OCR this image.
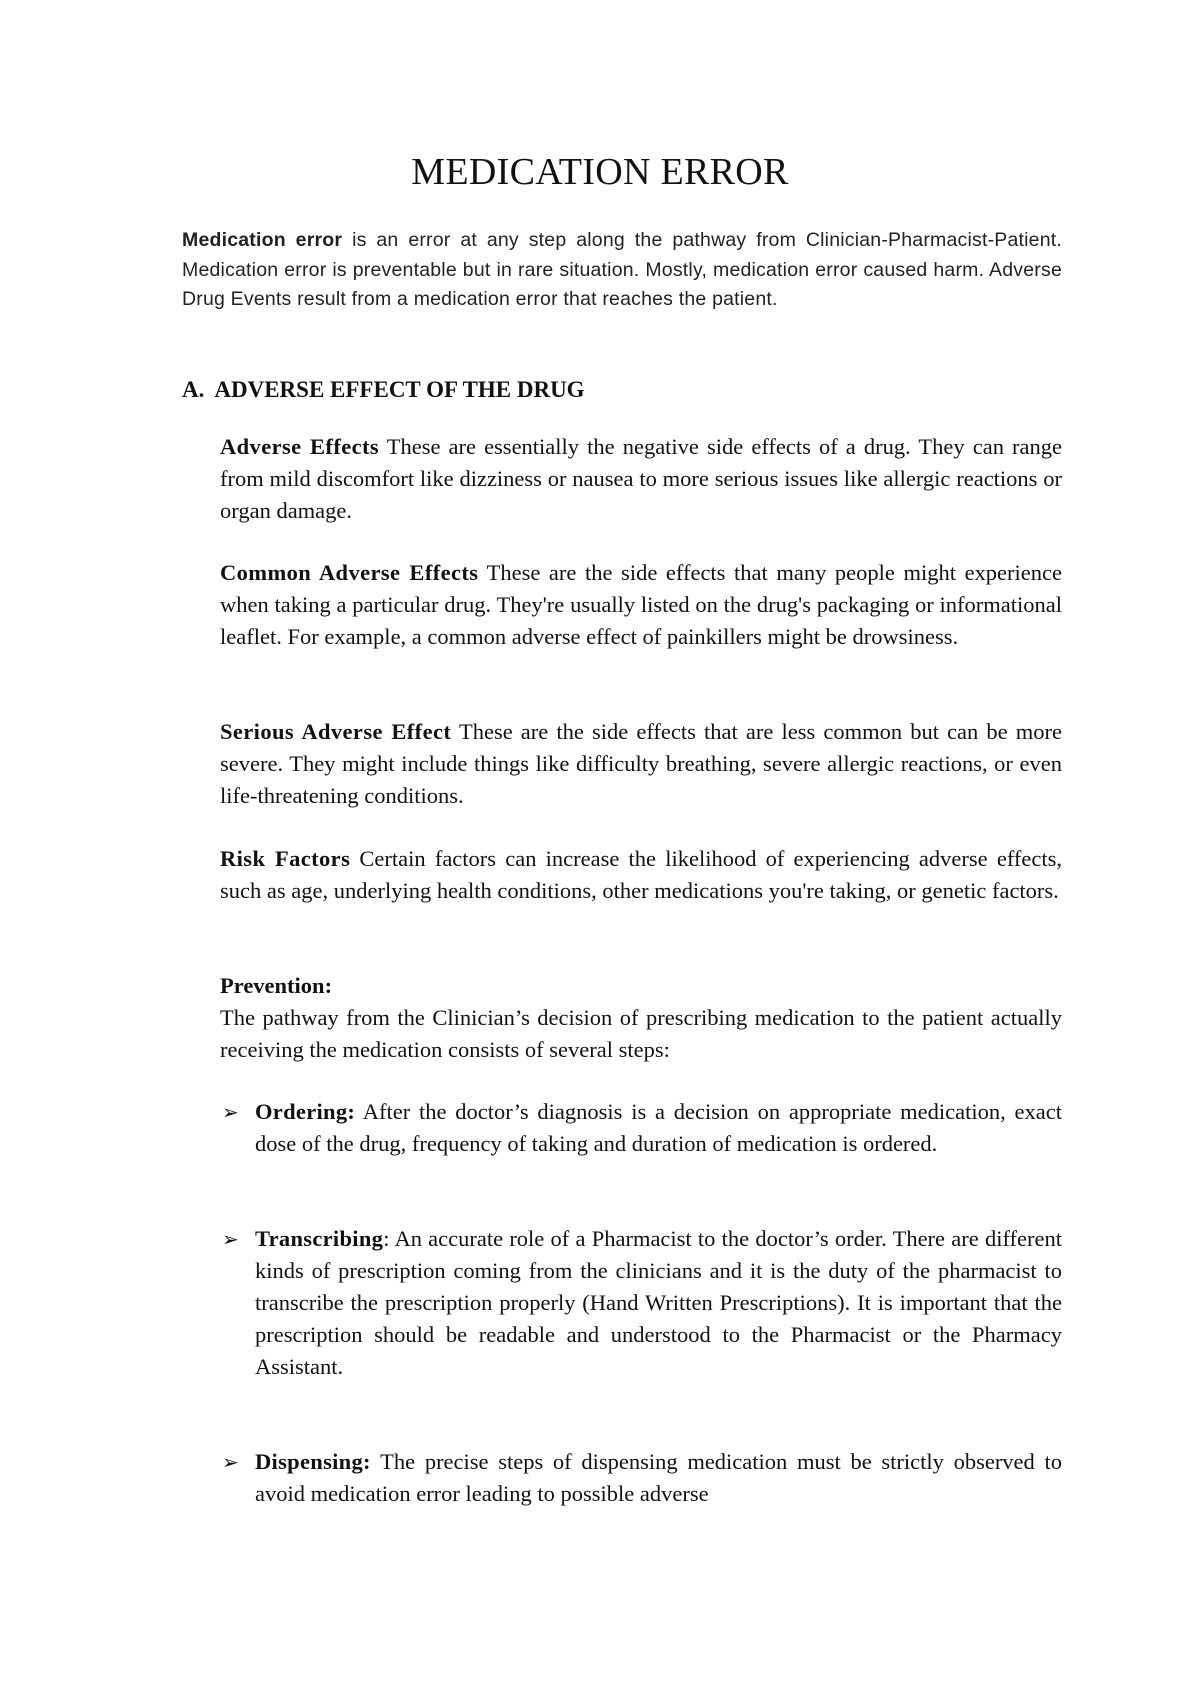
MEDICATION ERROR
Medication error is an error at any step along the pathway from Clinician-Pharmacist-Patient. Medication error is preventable but in rare situation. Mostly, medication error caused harm. Adverse Drug Events result from a medication error that reaches the patient.
A. ADVERSE EFFECT OF THE DRUG
Adverse Effects These are essentially the negative side effects of a drug. They can range from mild discomfort like dizziness or nausea to more serious issues like allergic reactions or organ damage.
Common Adverse Effects These are the side effects that many people might experience when taking a particular drug. They're usually listed on the drug's packaging or informational leaflet. For example, a common adverse effect of painkillers might be drowsiness.
Serious Adverse Effect These are the side effects that are less common but can be more severe. They might include things like difficulty breathing, severe allergic reactions, or even life-threatening conditions.
Risk Factors Certain factors can increase the likelihood of experiencing adverse effects, such as age, underlying health conditions, other medications you're taking, or genetic factors.
Prevention:
The pathway from the Clinician’s decision of prescribing medication to the patient actually receiving the medication consists of several steps:
➢ Ordering: After the doctor’s diagnosis is a decision on appropriate medication, exact dose of the drug, frequency of taking and duration of medication is ordered.
➢ Transcribing: An accurate role of a Pharmacist to the doctor’s order. There are different kinds of prescription coming from the clinicians and it is the duty of the pharmacist to transcribe the prescription properly (Hand Written Prescriptions). It is important that the prescription should be readable and understood to the Pharmacist or the Pharmacy Assistant.
➢ Dispensing: The precise steps of dispensing medication must be strictly observed to avoid medication error leading to possible adverse
